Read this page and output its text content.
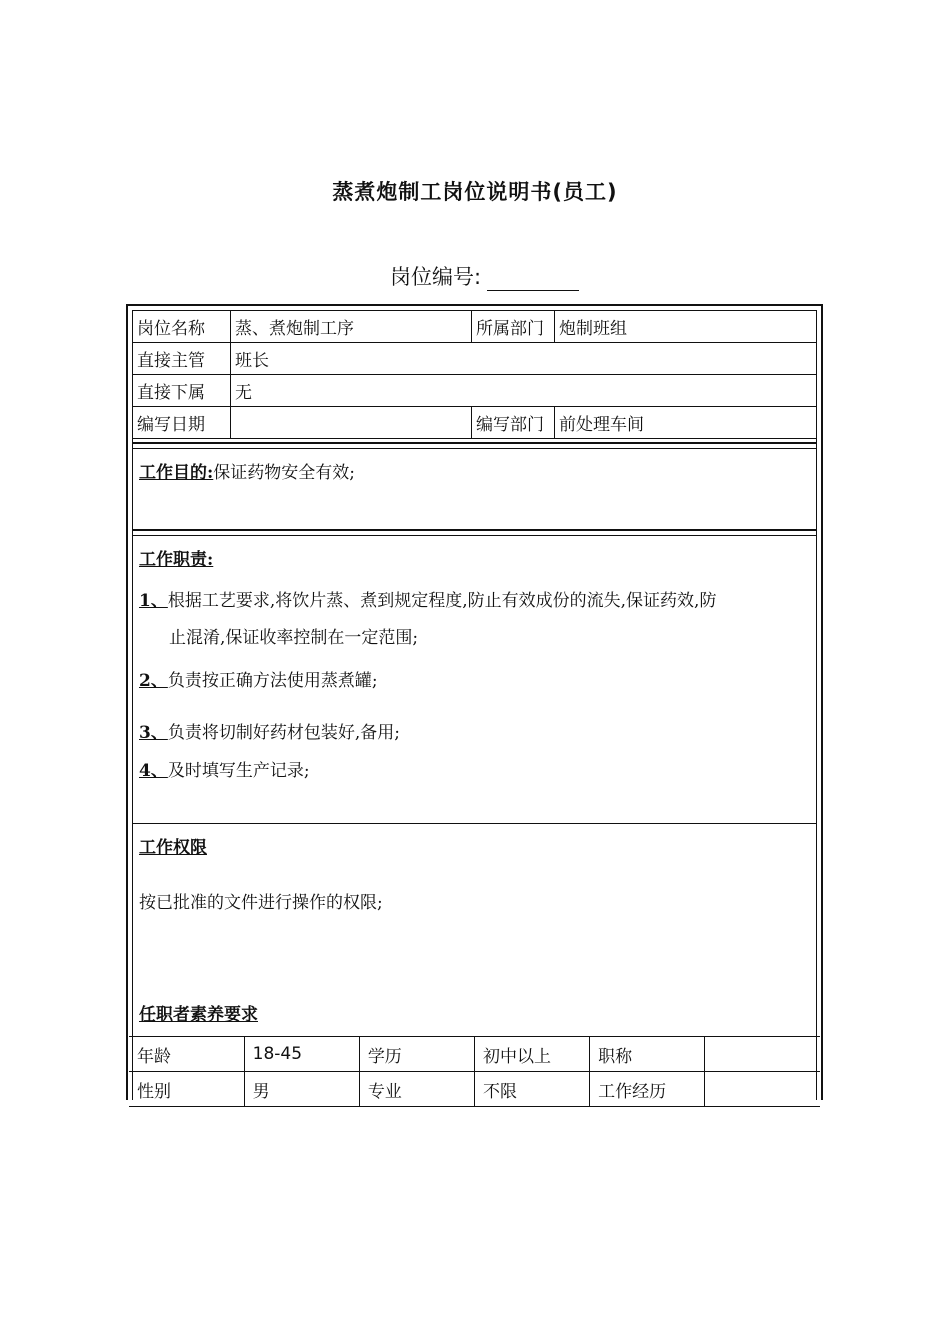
蒸煮炮制工岗位说明书(员工)
岗位编号:
岗位名称	蒸、煮炮制工序	所属部门	炮制班组
直接主管	班长		
直接下属	无		
编写日期		编写部门	前处理车间
工作目的:保证药物安全有效;
工作职责:
1、根据工艺要求,将饮片蒸、煮到规定程度,防止有效成份的流失,保证药效,防
止混淆,保证收率控制在一定范围;
2、负责按正确方法使用蒸煮罐;
3、负责将切制好药材包装好,备用;
4、及时填写生产记录;
工作权限
按已批准的文件进行操作的权限;
任职者素养要求
年龄	18-45	学历	初中以上	职称	
性别	男	专业	不限	工作经历	
